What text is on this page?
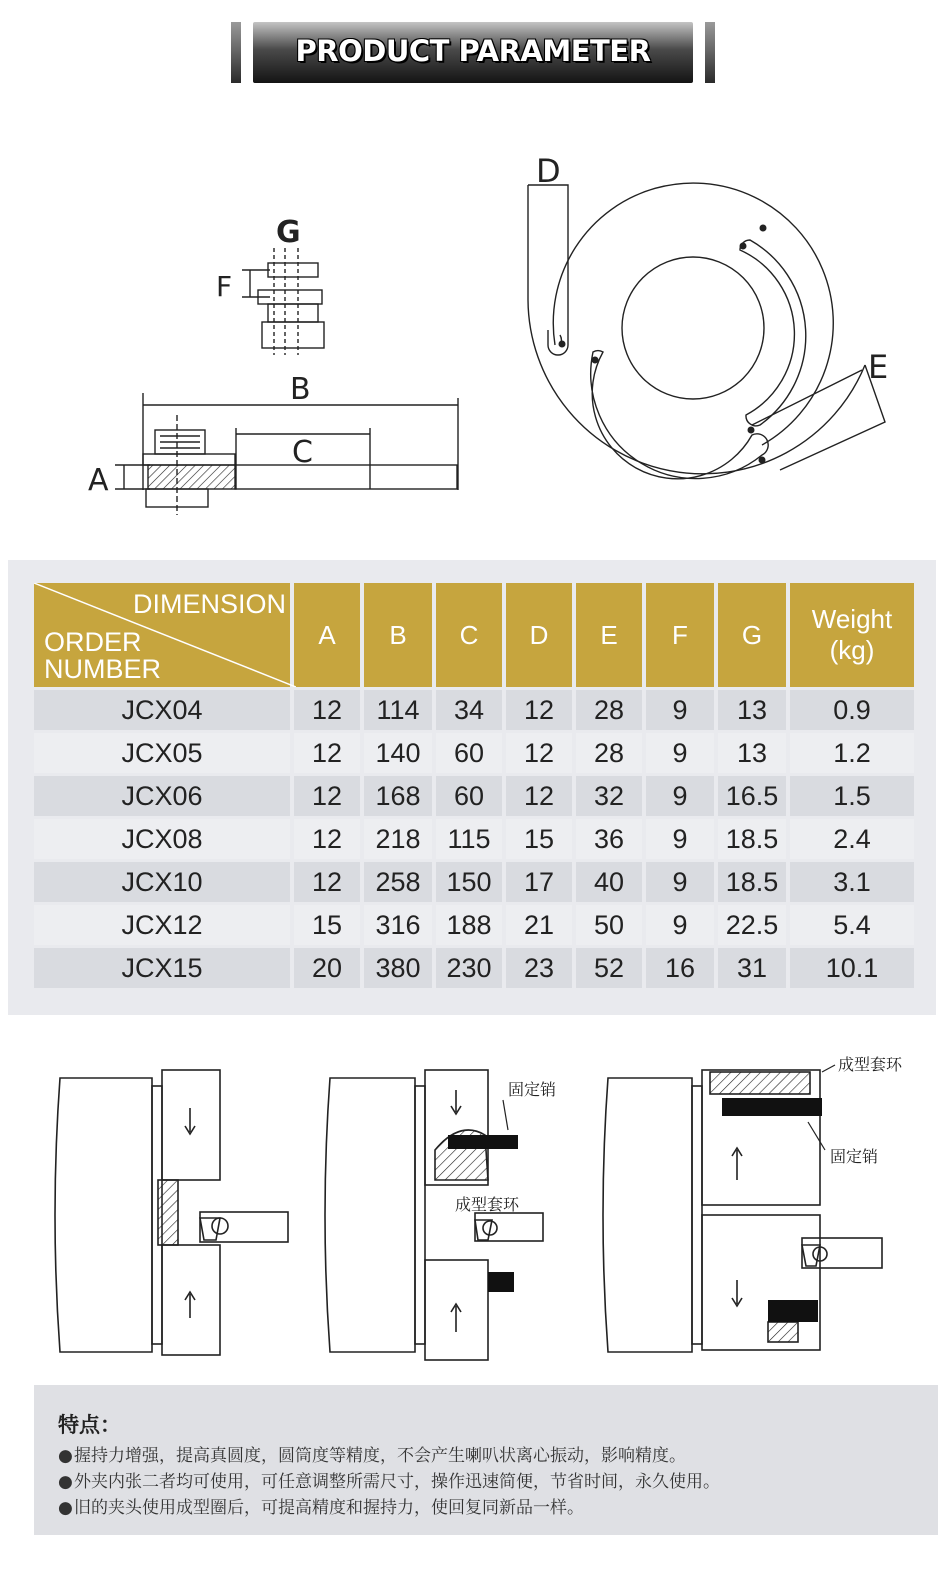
PRODUCT PARAMETER
G
F
B
C
A
D
E
DIMENSION
ORDER
NUMBER	A	B	C	D	E	F	G	Weight
(kg)
JCX04	12	114	34	12	28	9	13	0.9
JCX05	12	140	60	12	28	9	13	1.2
JCX06	12	168	60	12	32	9	16.5	1.5
JCX08	12	218	115	15	36	9	18.5	2.4
JCX10	12	258	150	17	40	9	18.5	3.1
JCX12	15	316	188	21	50	9	22.5	5.4
JCX15	20	380	230	23	52	16	31	10.1
固定销
成型套环
成型套环
固定销
特点：
●握持力增强，提高真圆度，圆筒度等精度，不会产生喇叭状离心振动，影响精度。
●外夹内张二者均可使用，可任意调整所需尺寸，操作迅速简便，节省时间，永久使用。
●旧的夹头使用成型圈后，可提高精度和握持力，使回复同新品一样。
